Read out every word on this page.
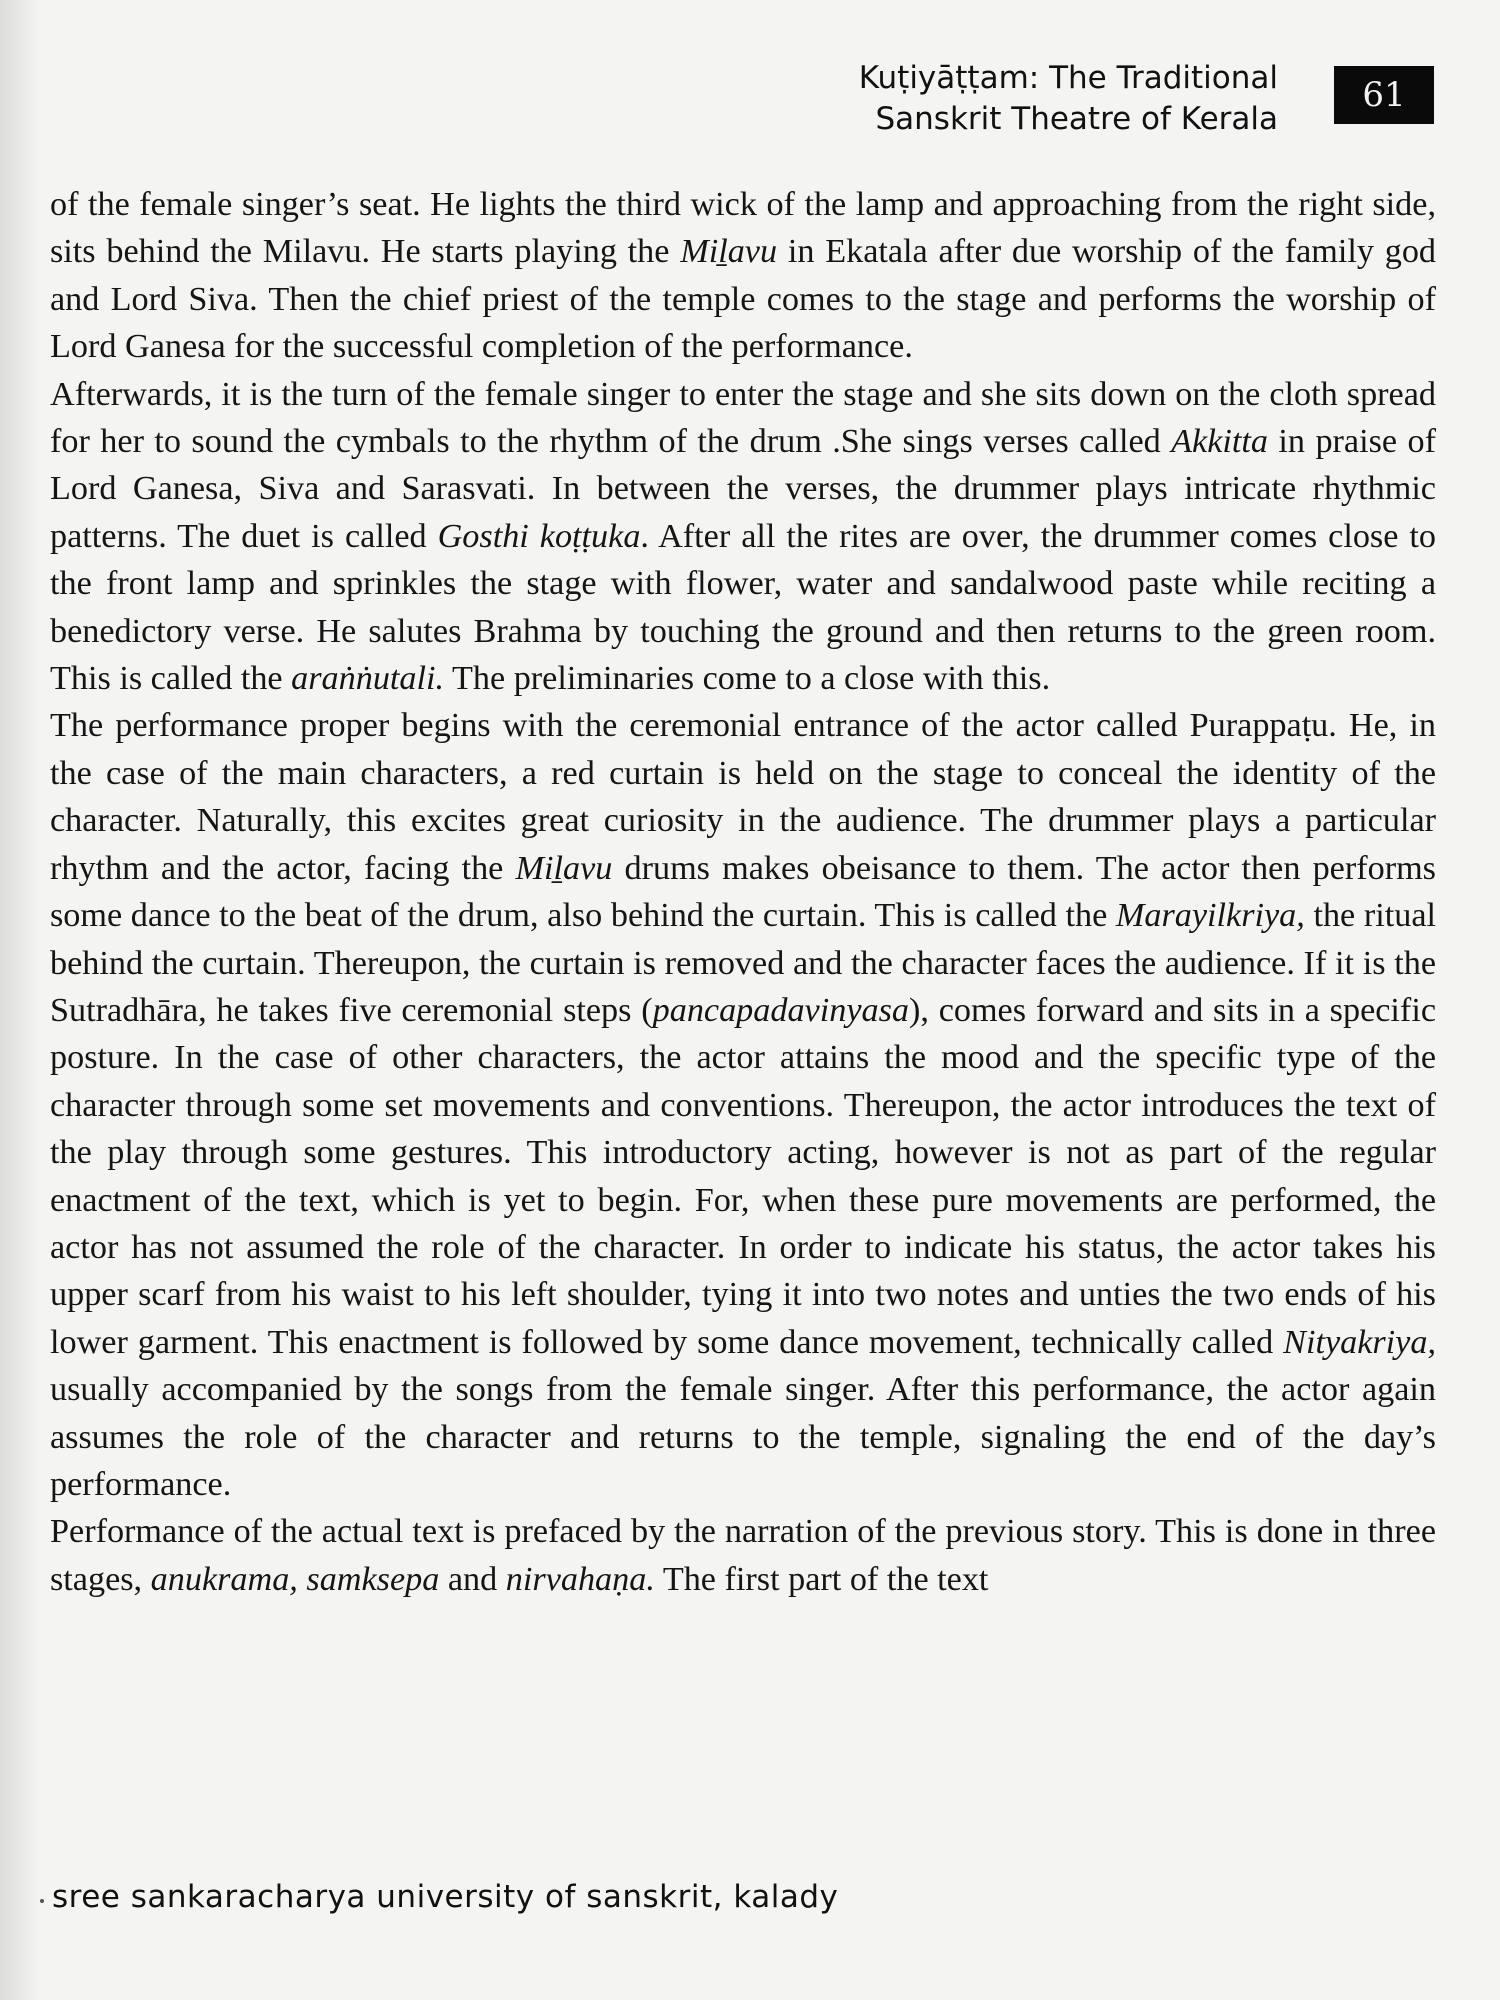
Kuṭiyāṭṭam: The Traditional
Sanskrit Theatre of Kerala
61

of the female singer’s seat. He lights the third wick of the lamp and approaching from the right side, sits behind the Milavu. He starts playing the Miḻavu in Ekatala after due worship of the family god and Lord Siva. Then the chief priest of the temple comes to the stage and performs the worship of Lord Ganesa for the successful completion of the performance.

Afterwards, it is the turn of the female singer to enter the stage and she sits down on the cloth spread for her to sound the cymbals to the rhythm of the drum .She sings verses called Akkitta in praise of Lord Ganesa, Siva and Sarasvati. In between the verses, the drummer plays intricate rhythmic patterns. The duet is called Gosthi koṭṭuka. After all the rites are over, the drummer comes close to the front lamp and sprinkles the stage with flower, water and sandalwood paste while reciting a benedictory verse. He salutes Brahma by touching the ground and then returns to the green room. This is called the araṅṅutali. The preliminaries come to a close with this.

The performance proper begins with the ceremonial entrance of the actor called Purappaṭu. He, in the case of the main characters, a red curtain is held on the stage to conceal the identity of the character. Naturally, this excites great curiosity in the audience. The drummer plays a particular rhythm and the actor, facing the Miḻavu drums makes obeisance to them. The actor then performs some dance to the beat of the drum, also behind the curtain. This is called the Marayilkriya, the ritual behind the curtain. Thereupon, the curtain is removed and the character faces the audience. If it is the Sutradhāra, he takes five ceremonial steps (pancapadavinyasa), comes forward and sits in a specific posture. In the case of other characters, the actor attains the mood and the specific type of the character through some set movements and conventions. Thereupon, the actor introduces the text of the play through some gestures. This introductory acting, however is not as part of the regular enactment of the text, which is yet to begin. For, when these pure movements are performed, the actor has not assumed the role of the character. In order to indicate his status, the actor takes his upper scarf from his waist to his left shoulder, tying it into two notes and unties the two ends of his lower garment. This enactment is followed by some dance movement, technically called Nityakriya, usually accompanied by the songs from the female singer. After this performance, the actor again assumes the role of the character and returns to the temple, signaling the end of the day’s performance.

Performance of the actual text is prefaced by the narration of the previous story. This is done in three stages, anukrama, samksepa and nirvahaṇa. The first part of the text

sree sankaracharya university of sanskrit, kalady
